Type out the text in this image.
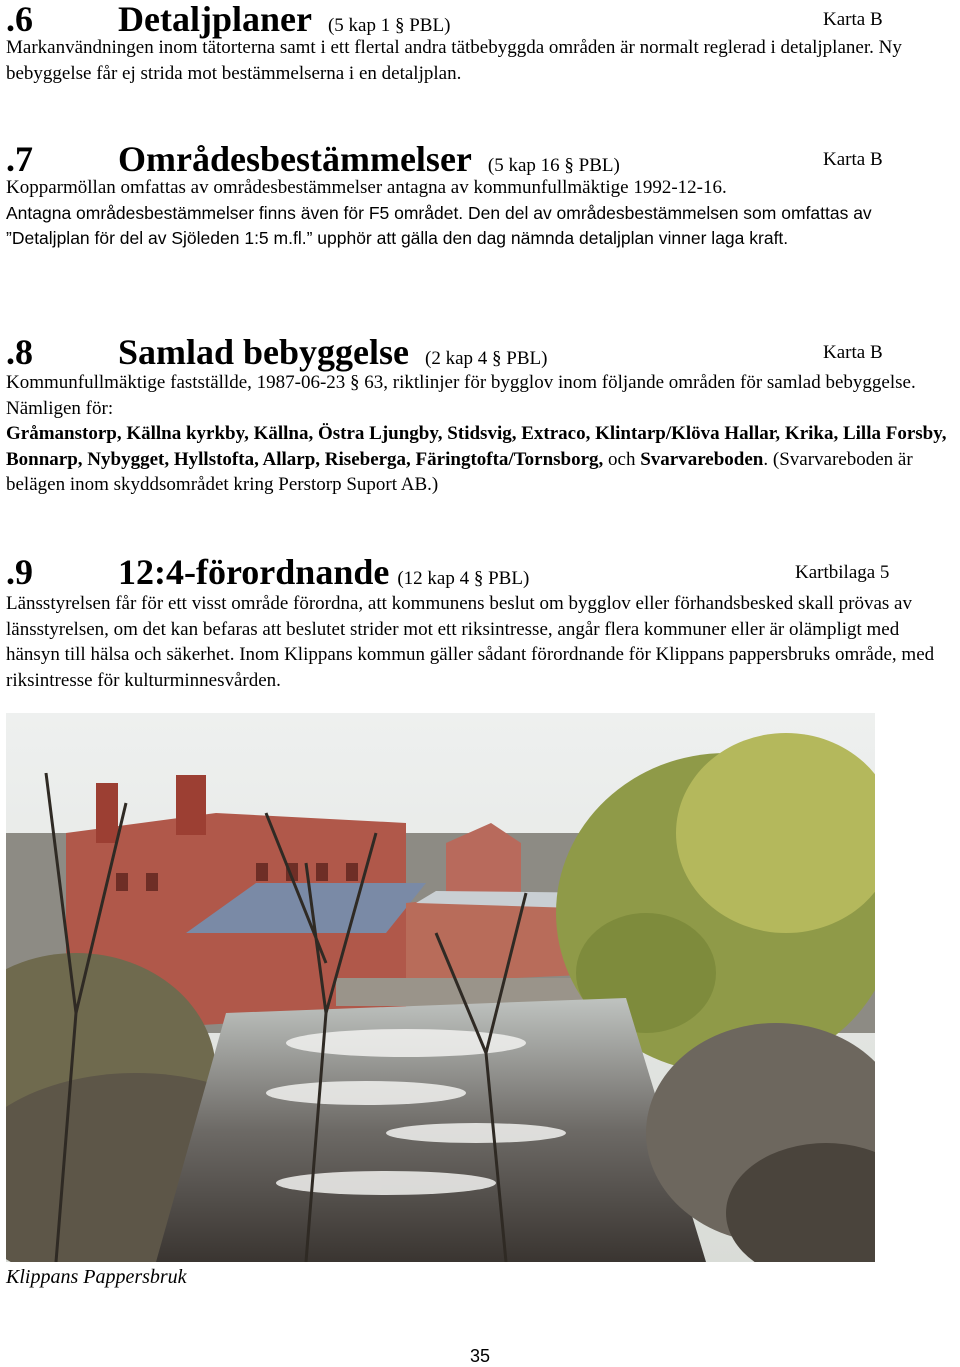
.6 Detaljplaner (5 kap 1 § PBL)	Karta B
Markanvändningen inom tätorterna samt i ett flertal andra tätbebyggda områden är normalt reglerad i detaljplaner. Ny bebyggelse får ej strida mot bestämmelserna i en detaljplan.
.7 Områdesbestämmelser (5 kap 16 § PBL)	Karta B
Kopparmöllan omfattas av områdesbestämmelser antagna av kommunfullmäktige 1992-12-16.
Antagna områdesbestämmelser finns även för F5 området. Den del av områdesbestämmelsen som omfattas av ”Detaljplan för del av Sjöleden 1:5 m.fl.” upphör att gälla den dag nämnda detaljplan vinner laga kraft.
.8 Samlad bebyggelse (2 kap 4 § PBL)	Karta B
Kommunfullmäktige fastställde, 1987-06-23 § 63, riktlinjer för bygglov inom följande områden för samlad bebyggelse. Nämligen för:
Gråmanstorp, Källna kyrkby, Källna, Östra Ljungby, Stidsvig, Extraco, Klintarp/Klöva Hallar, Krika, Lilla Forsby, Bonnarp, Nybygget, Hyllstofta, Allarp, Riseberga, Färingtofta/Tornsborg, och Svarvareboden. (Svarvareboden är belägen inom skyddsområdet kring Perstorp Suport AB.)
.9 12:4-förordnande (12 kap 4 § PBL)	Kartbilaga 5
Länsstyrelsen får för ett visst område förordna, att kommunens beslut om bygglov eller förhandsbesked skall prövas av länsstyrelsen, om det kan befaras att beslutet strider mot ett riksintresse, angår flera kommuner eller är olämpligt med hänsyn till hälsa och säkerhet. Inom Klippans kommun gäller sådant förordnande för Klippans pappersbruks område, med riksintresse för kulturminnesvården.
Klippans Pappersbruk
35
